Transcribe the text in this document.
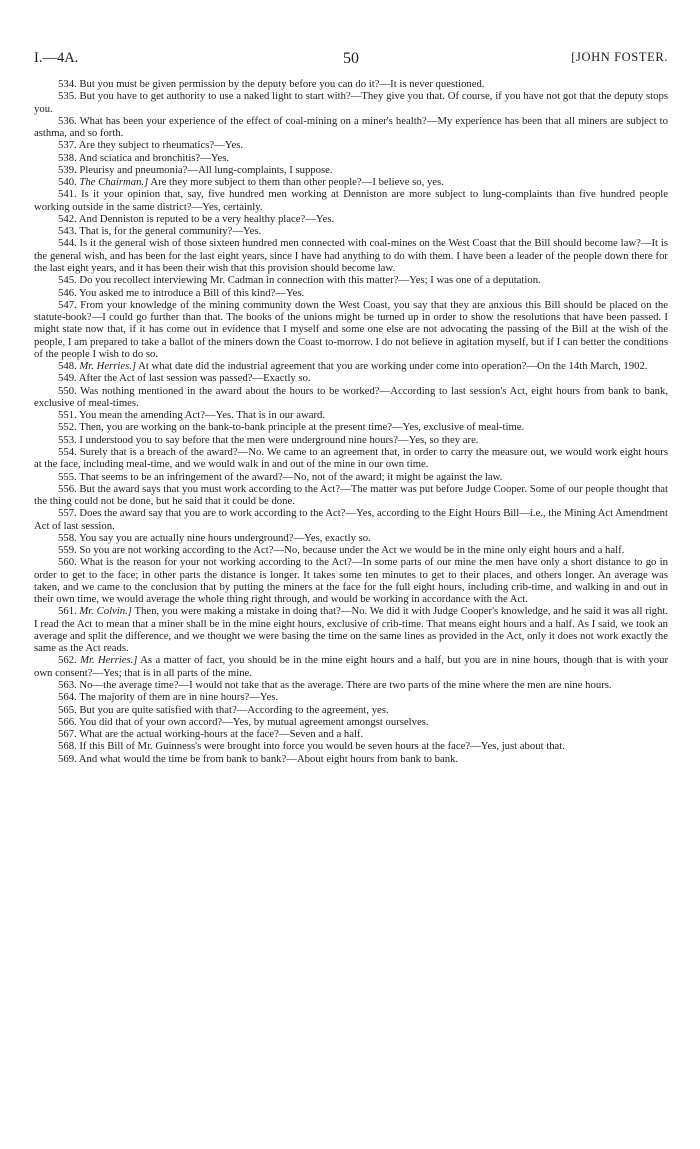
I.—4A.	50	[JOHN FOSTER.

534. But you must be given permission by the deputy before you can do it?—It is never questioned.

535. But you have to get authority to use a naked light to start with?—They give you that. Of course, if you have not got that the deputy stops you.

536. What has been your experience of the effect of coal-mining on a miner's health?—My experience has been that all miners are subject to asthma, and so forth.

537. Are they subject to rheumatics?—Yes.

538. And sciatica and bronchitis?—Yes.

539. Pleurisy and pneumonia?—All lung-complaints, I suppose.

540. The Chairman.] Are they more subject to them than other people?—I believe so, yes.

541. Is it your opinion that, say, five hundred men working at Denniston are more subject to lung-complaints than five hundred people working outside in the same district?—Yes, certainly.

542. And Denniston is reputed to be a very healthy place?—Yes.

543. That is, for the general community?—Yes.

544. Is it the general wish of those sixteen hundred men connected with coal-mines on the West Coast that the Bill should become law?—It is the general wish, and has been for the last eight years, since I have had anything to do with them. I have been a leader of the people down there for the last eight years, and it has been their wish that this provision should become law.

545. Do you recollect interviewing Mr. Cadman in connection with this matter?—Yes; I was one of a deputation.

546. You asked me to introduce a Bill of this kind?—Yes.

547. From your knowledge of the mining community down the West Coast, you say that they are anxious this Bill should be placed on the statute-book?—I could go further than that. The books of the unions might be turned up in order to show the resolutions that have been passed. I might state now that, if it has come out in evidence that I myself and some one else are not advocating the passing of the Bill at the wish of the people, I am prepared to take a ballot of the miners down the Coast to-morrow. I do not believe in agitation myself, but if I can better the conditions of the people I wish to do so.

548. Mr. Herries.] At what date did the industrial agreement that you are working under come into operation?—On the 14th March, 1902.

549. After the Act of last session was passed?—Exactly so.

550. Was nothing mentioned in the award about the hours to be worked?—According to last session's Act, eight hours from bank to bank, exclusive of meal-times.

551. You mean the amending Act?—Yes. That is in our award.

552. Then, you are working on the bank-to-bank principle at the present time?—Yes, exclusive of meal-time.

553. I understood you to say before that the men were underground nine hours?—Yes, so they are.

554. Surely that is a breach of the award?—No. We came to an agreement that, in order to carry the measure out, we would work eight hours at the face, including meal-time, and we would walk in and out of the mine in our own time.

555. That seems to be an infringement of the award?—No, not of the award; it might be against the law.

556. But the award says that you must work according to the Act?—The matter was put before Judge Cooper. Some of our people thought that the thing could not be done, but he said that it could be done.

557. Does the award say that you are to work according to the Act?—Yes, according to the Eight Hours Bill—i.e., the Mining Act Amendment Act of last session.

558. You say you are actually nine hours underground?—Yes, exactly so.

559. So you are not working according to the Act?—No, because under the Act we would be in the mine only eight hours and a half.

560. What is the reason for your not working according to the Act?—In some parts of our mine the men have only a short distance to go in order to get to the face; in other parts the distance is longer. It takes some ten minutes to get to their places, and others longer. An average was taken, and we came to the conclusion that by putting the miners at the face for the full eight hours, including crib-time, and walking in and out in their own time, we would average the whole thing right through, and would be working in accordance with the Act.

561. Mr. Colvin.] Then, you were making a mistake in doing that?—No. We did it with Judge Cooper's knowledge, and he said it was all right. I read the Act to mean that a miner shall be in the mine eight hours, exclusive of crib-time. That means eight hours and a half. As I said, we took an average and split the difference, and we thought we were basing the time on the same lines as provided in the Act, only it does not work exactly the same as the Act reads.

562. Mr. Herries.] As a matter of fact, you should be in the mine eight hours and a half, but you are in nine hours, though that is with your own consent?—Yes; that is in all parts of the mine.

563. No—the average time?—I would not take that as the average. There are two parts of the mine where the men are nine hours.

564. The majority of them are in nine hours?—Yes.

565. But you are quite satisfied with that?—According to the agreement, yes.

566. You did that of your own accord?—Yes, by mutual agreement amongst ourselves.

567. What are the actual working-hours at the face?—Seven and a half.

568. If this Bill of Mr. Guinness's were brought into force you would be seven hours at the face?—Yes, just about that.

569. And what would the time be from bank to bank?—About eight hours from bank to bank.
